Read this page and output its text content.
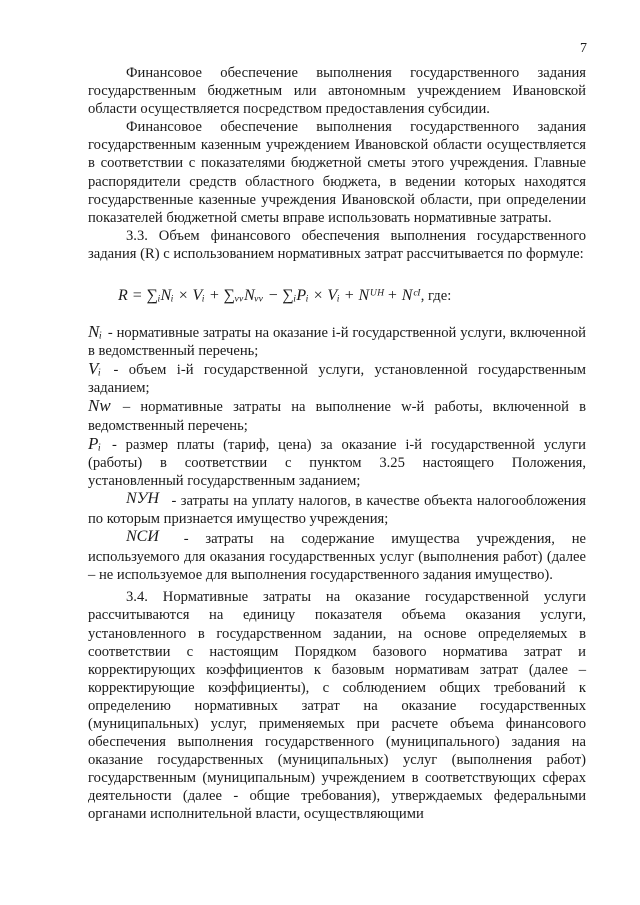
7

Финансовое обеспечение выполнения государственного задания государственным бюджетным или автономным учреждением Ивановской области осуществляется посредством предоставления субсидии.

Финансовое обеспечение выполнения государственного задания государственным казенным учреждением Ивановской области осуществляется в соответствии с показателями бюджетной сметы этого учреждения. Главные распорядители средств областного бюджета, в ведении которых находятся государственные казенные учреждения Ивановской области, при определении показателей бюджетной сметы вправе использовать нормативные затраты.

3.3. Объем финансового обеспечения выполнения государственного задания (R) с использованием нормативных затрат рассчитывается по формуле:

R = ∑ᵢNᵢ × Vᵢ + ∑ᵥᵥNᵥᵥ − ∑ᵢPᵢ × Vᵢ + Nᵁᴴ + Nᶜᴵ, где:

Nᵢ - нормативные затраты на оказание i-й государственной услуги, включенной в ведомственный перечень;

Vᵢ - объем i-й государственной услуги, установленной государственным заданием;

Nw – нормативные затраты на выполнение w-й работы, включенной в ведомственный перечень;

Pᵢ - размер платы (тариф, цена) за оказание i-й государственной услуги (работы) в соответствии с пунктом 3.25 настоящего Положения, установленный государственным заданием;

NУН - затраты на уплату налогов, в качестве объекта налогообложения по которым признается имущество учреждения;

NСИ - затраты на содержание имущества учреждения, не используемого для оказания государственных услуг (выполнения работ) (далее – не используемое для выполнения государственного задания имущество).

3.4. Нормативные затраты на оказание государственной услуги рассчитываются на единицу показателя объема оказания услуги, установленного в государственном задании, на основе определяемых в соответствии с настоящим Порядком базового норматива затрат и корректирующих коэффициентов к базовым нормативам затрат (далее – корректирующие коэффициенты), с соблюдением общих требований к определению нормативных затрат на оказание государственных (муниципальных) услуг, применяемых при расчете объема финансового обеспечения выполнения государственного (муниципального) задания на оказание государственных (муниципальных) услуг (выполнения работ) государственным (муниципальным) учреждением в соответствующих сферах деятельности (далее - общие требования), утверждаемых федеральными органами исполнительной власти, осуществляющими
